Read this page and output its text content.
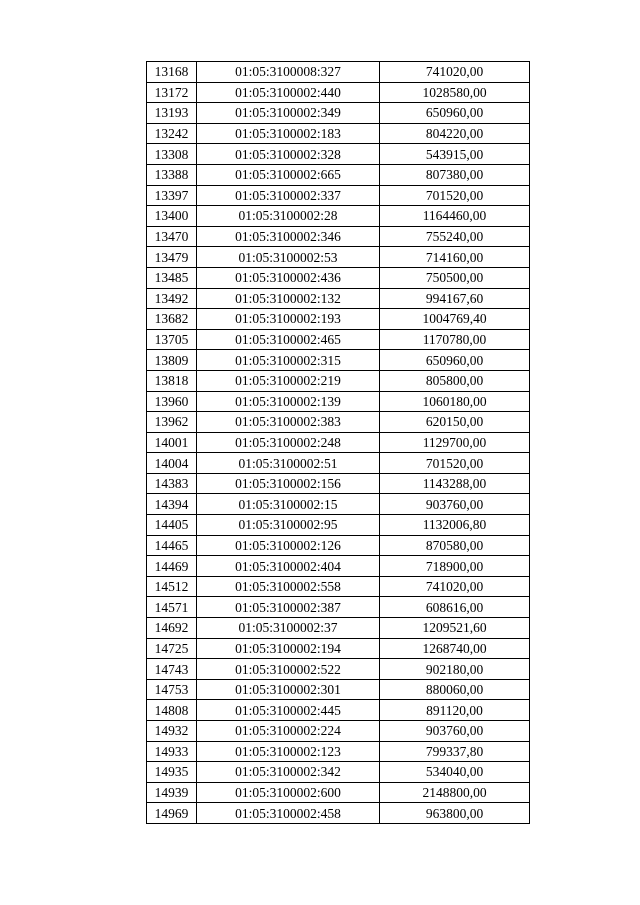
13168	01:05:3100008:327	741020,00
13172	01:05:3100002:440	1028580,00
13193	01:05:3100002:349	650960,00
13242	01:05:3100002:183	804220,00
13308	01:05:3100002:328	543915,00
13388	01:05:3100002:665	807380,00
13397	01:05:3100002:337	701520,00
13400	01:05:3100002:28	1164460,00
13470	01:05:3100002:346	755240,00
13479	01:05:3100002:53	714160,00
13485	01:05:3100002:436	750500,00
13492	01:05:3100002:132	994167,60
13682	01:05:3100002:193	1004769,40
13705	01:05:3100002:465	1170780,00
13809	01:05:3100002:315	650960,00
13818	01:05:3100002:219	805800,00
13960	01:05:3100002:139	1060180,00
13962	01:05:3100002:383	620150,00
14001	01:05:3100002:248	1129700,00
14004	01:05:3100002:51	701520,00
14383	01:05:3100002:156	1143288,00
14394	01:05:3100002:15	903760,00
14405	01:05:3100002:95	1132006,80
14465	01:05:3100002:126	870580,00
14469	01:05:3100002:404	718900,00
14512	01:05:3100002:558	741020,00
14571	01:05:3100002:387	608616,00
14692	01:05:3100002:37	1209521,60
14725	01:05:3100002:194	1268740,00
14743	01:05:3100002:522	902180,00
14753	01:05:3100002:301	880060,00
14808	01:05:3100002:445	891120,00
14932	01:05:3100002:224	903760,00
14933	01:05:3100002:123	799337,80
14935	01:05:3100002:342	534040,00
14939	01:05:3100002:600	2148800,00
14969	01:05:3100002:458	963800,00
